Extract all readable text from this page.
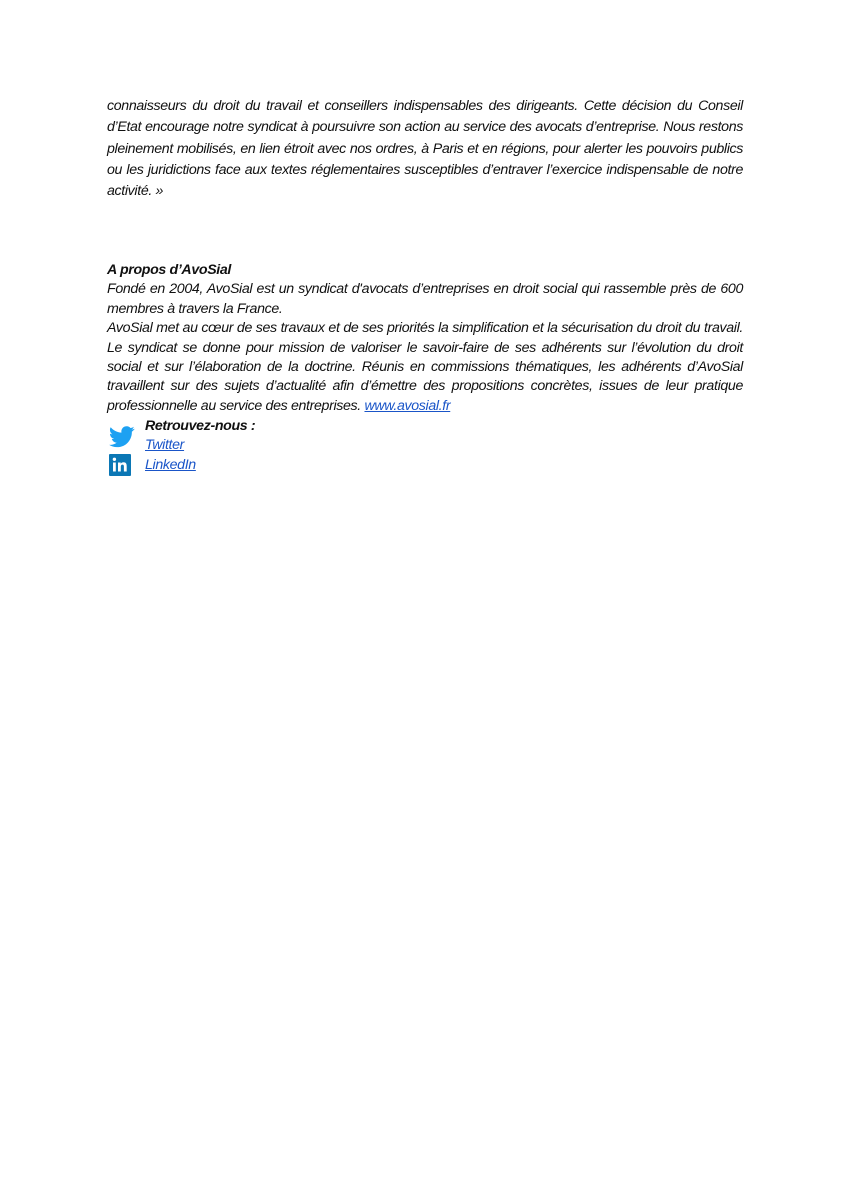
connaisseurs du droit du travail et conseillers indispensables des dirigeants. Cette décision du Conseil d’Etat encourage notre syndicat à poursuivre son action au service des avocats d’entreprise. Nous restons pleinement mobilisés, en lien étroit avec nos ordres, à Paris et en régions, pour alerter les pouvoirs publics ou les juridictions face aux textes réglementaires susceptibles d’entraver l’exercice indispensable de notre activité. »

A propos d’AvoSial

Fondé en 2004, AvoSial est un syndicat d'avocats d’entreprises en droit social qui rassemble près de 600 membres à travers la France.

AvoSial met au cœur de ses travaux et de ses priorités la simplification et la sécurisation du droit du travail. Le syndicat se donne pour mission de valoriser le savoir-faire de ses adhérents sur l’évolution du droit social et sur l’élaboration de la doctrine. Réunis en commissions thématiques, les adhérents d’AvoSial travaillent sur des sujets d’actualité afin d’émettre des propositions concrètes, issues de leur pratique professionnelle au service des entreprises. www.avosial.fr

Retrouvez-nous :
Twitter
LinkedIn
